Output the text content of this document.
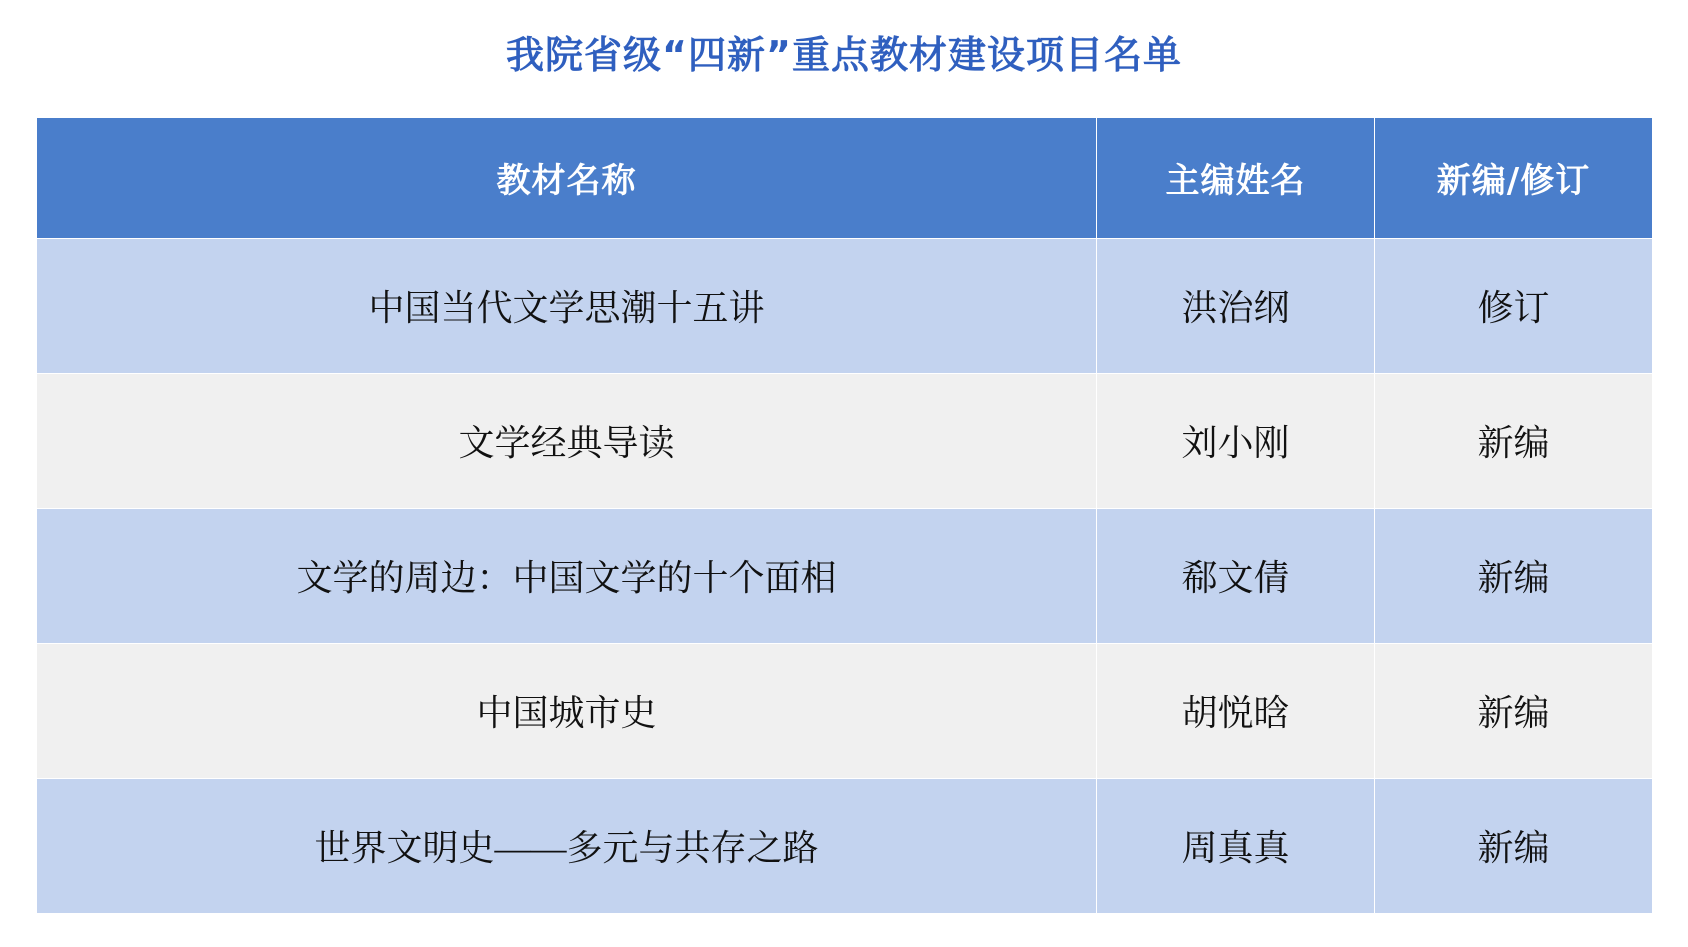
我院省级“四新”重点教材建设项目名单
教材名称	主编姓名	新编/修订
中国当代文学思潮十五讲	洪治纲	修订
文学经典导读	刘小刚	新编
文学的周边：中国文学的十个面相	郗文倩	新编
中国城市史	胡悦晗	新编
世界文明史——多元与共存之路	周真真	新编
